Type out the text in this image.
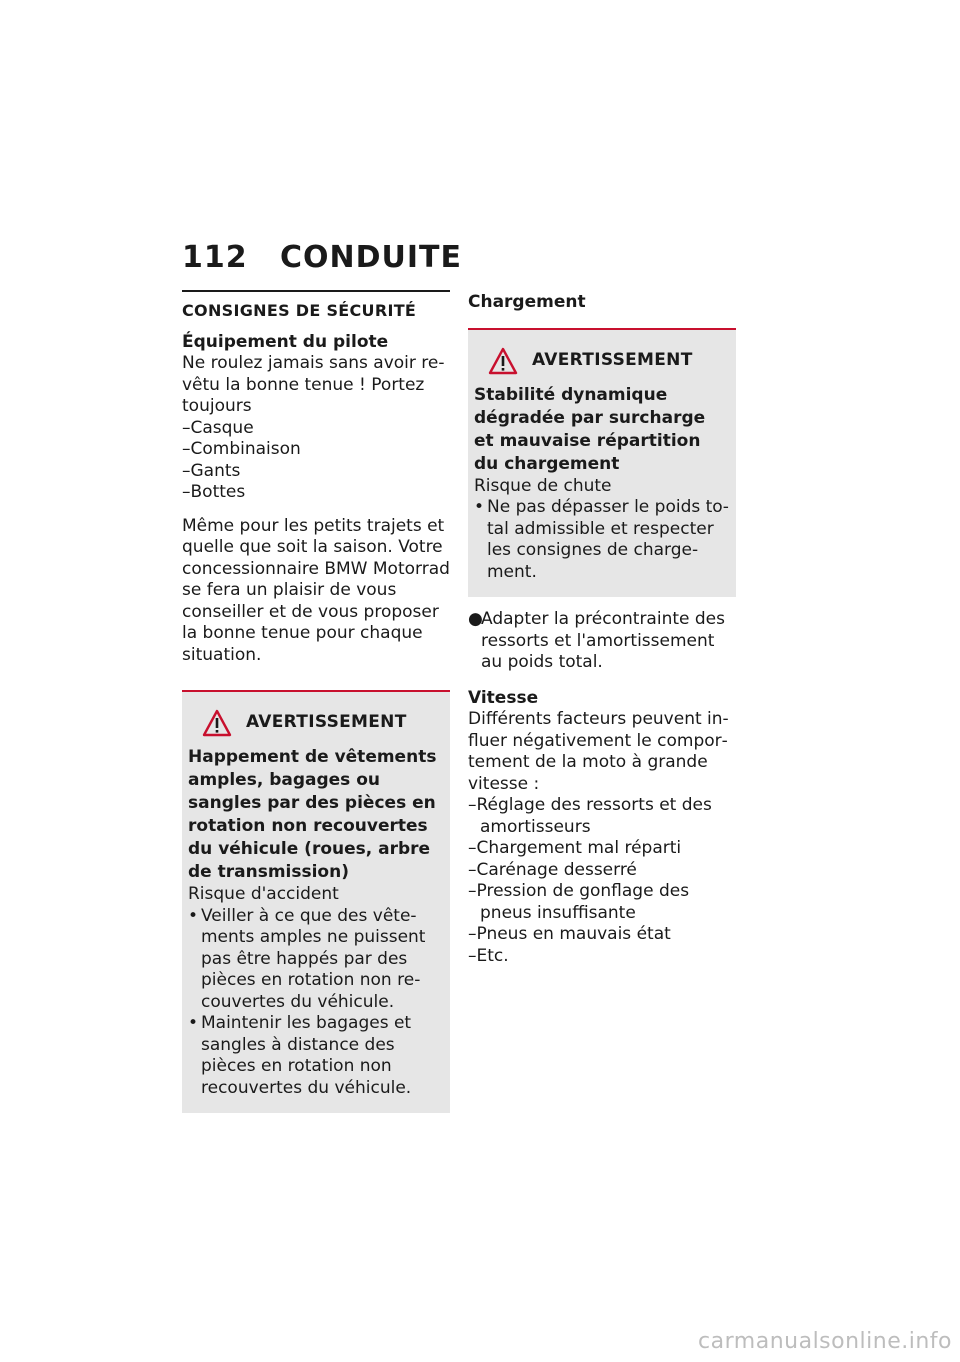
112 CONDUITE
CONSIGNES DE SÉCURITÉ
Équipement du pilote

Ne roulez jamais sans avoir revêtu la bonne tenue ! Portez toujours

–Casque
–Combinaison
–Gants
–Bottes

Même pour les petits trajets et quelle que soit la saison. Votre concessionnaire BMW Motorrad se fera un plaisir de vous conseiller et de vous proposer la bonne tenue pour chaque situation.

AVERTISSEMENT
Happement de vêtements amples, bagages ou sangles par des pièces en rotation non recouvertes du véhicule (roues, arbre de transmission)

Risque d'accident

• Veiller à ce que des vêtements amples ne puissent pas être happés par des pièces en rotation non recouvertes du véhicule.
• Maintenir les bagages et sangles à distance des pièces en rotation non recouvertes du véhicule.
Chargement
AVERTISSEMENT
Stabilité dynamique dégradée par surcharge et mauvaise répartition du chargement

Risque de chute

• Ne pas dépasser le poids total admissible et respecter les consignes de chargement.
●Adapter la précontrainte des ressorts et l'amortissement au poids total.
Vitesse

Différents facteurs peuvent influer négativement le comportement de la moto à grande vitesse :

–Réglage des ressorts et des amortisseurs
–Chargement mal réparti
–Carénage desserré
–Pression de gonflage des pneus insuffisante
–Pneus en mauvais état
–Etc.
carmanualsonline.info
